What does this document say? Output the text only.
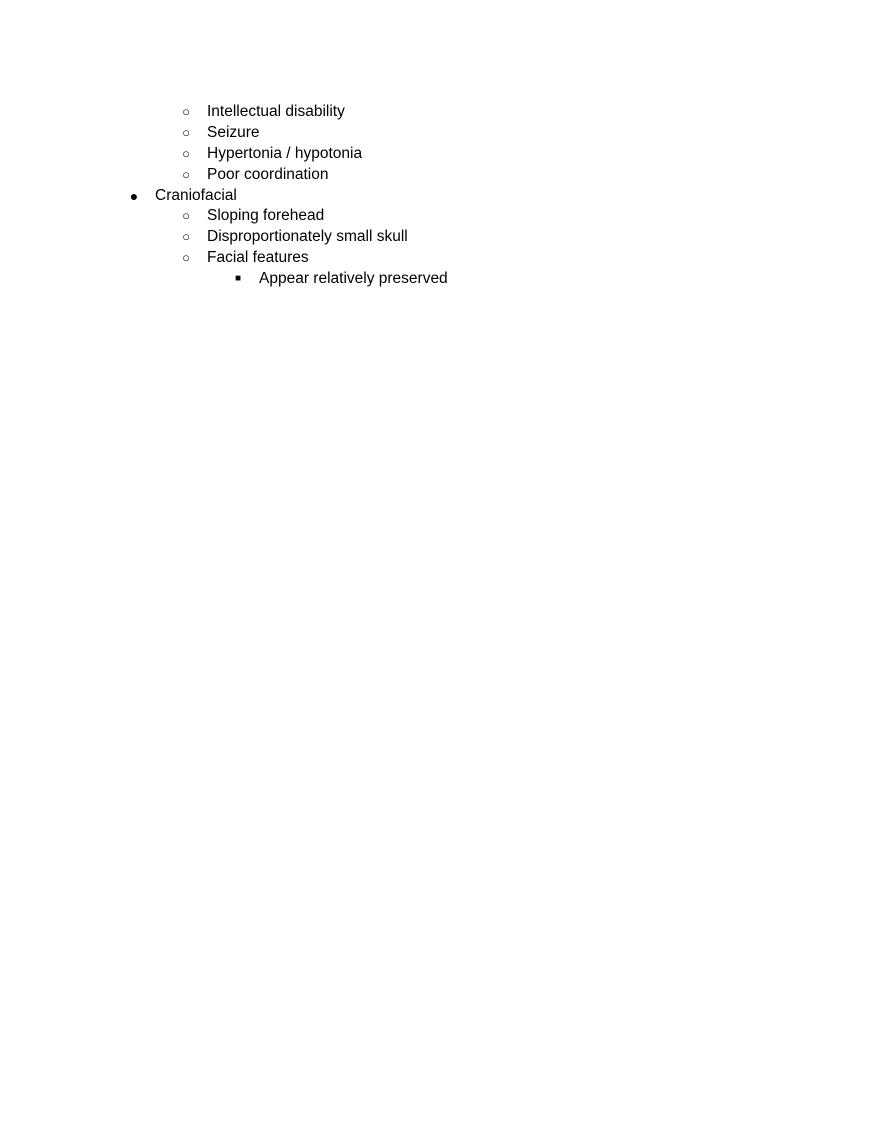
○ Intellectual disability
○ Seizure
○ Hypertonia / hypotonia
○ Poor coordination
● Craniofacial
○ Sloping forehead
○ Disproportionately small skull
○ Facial features
■	Appear relatively preserved
